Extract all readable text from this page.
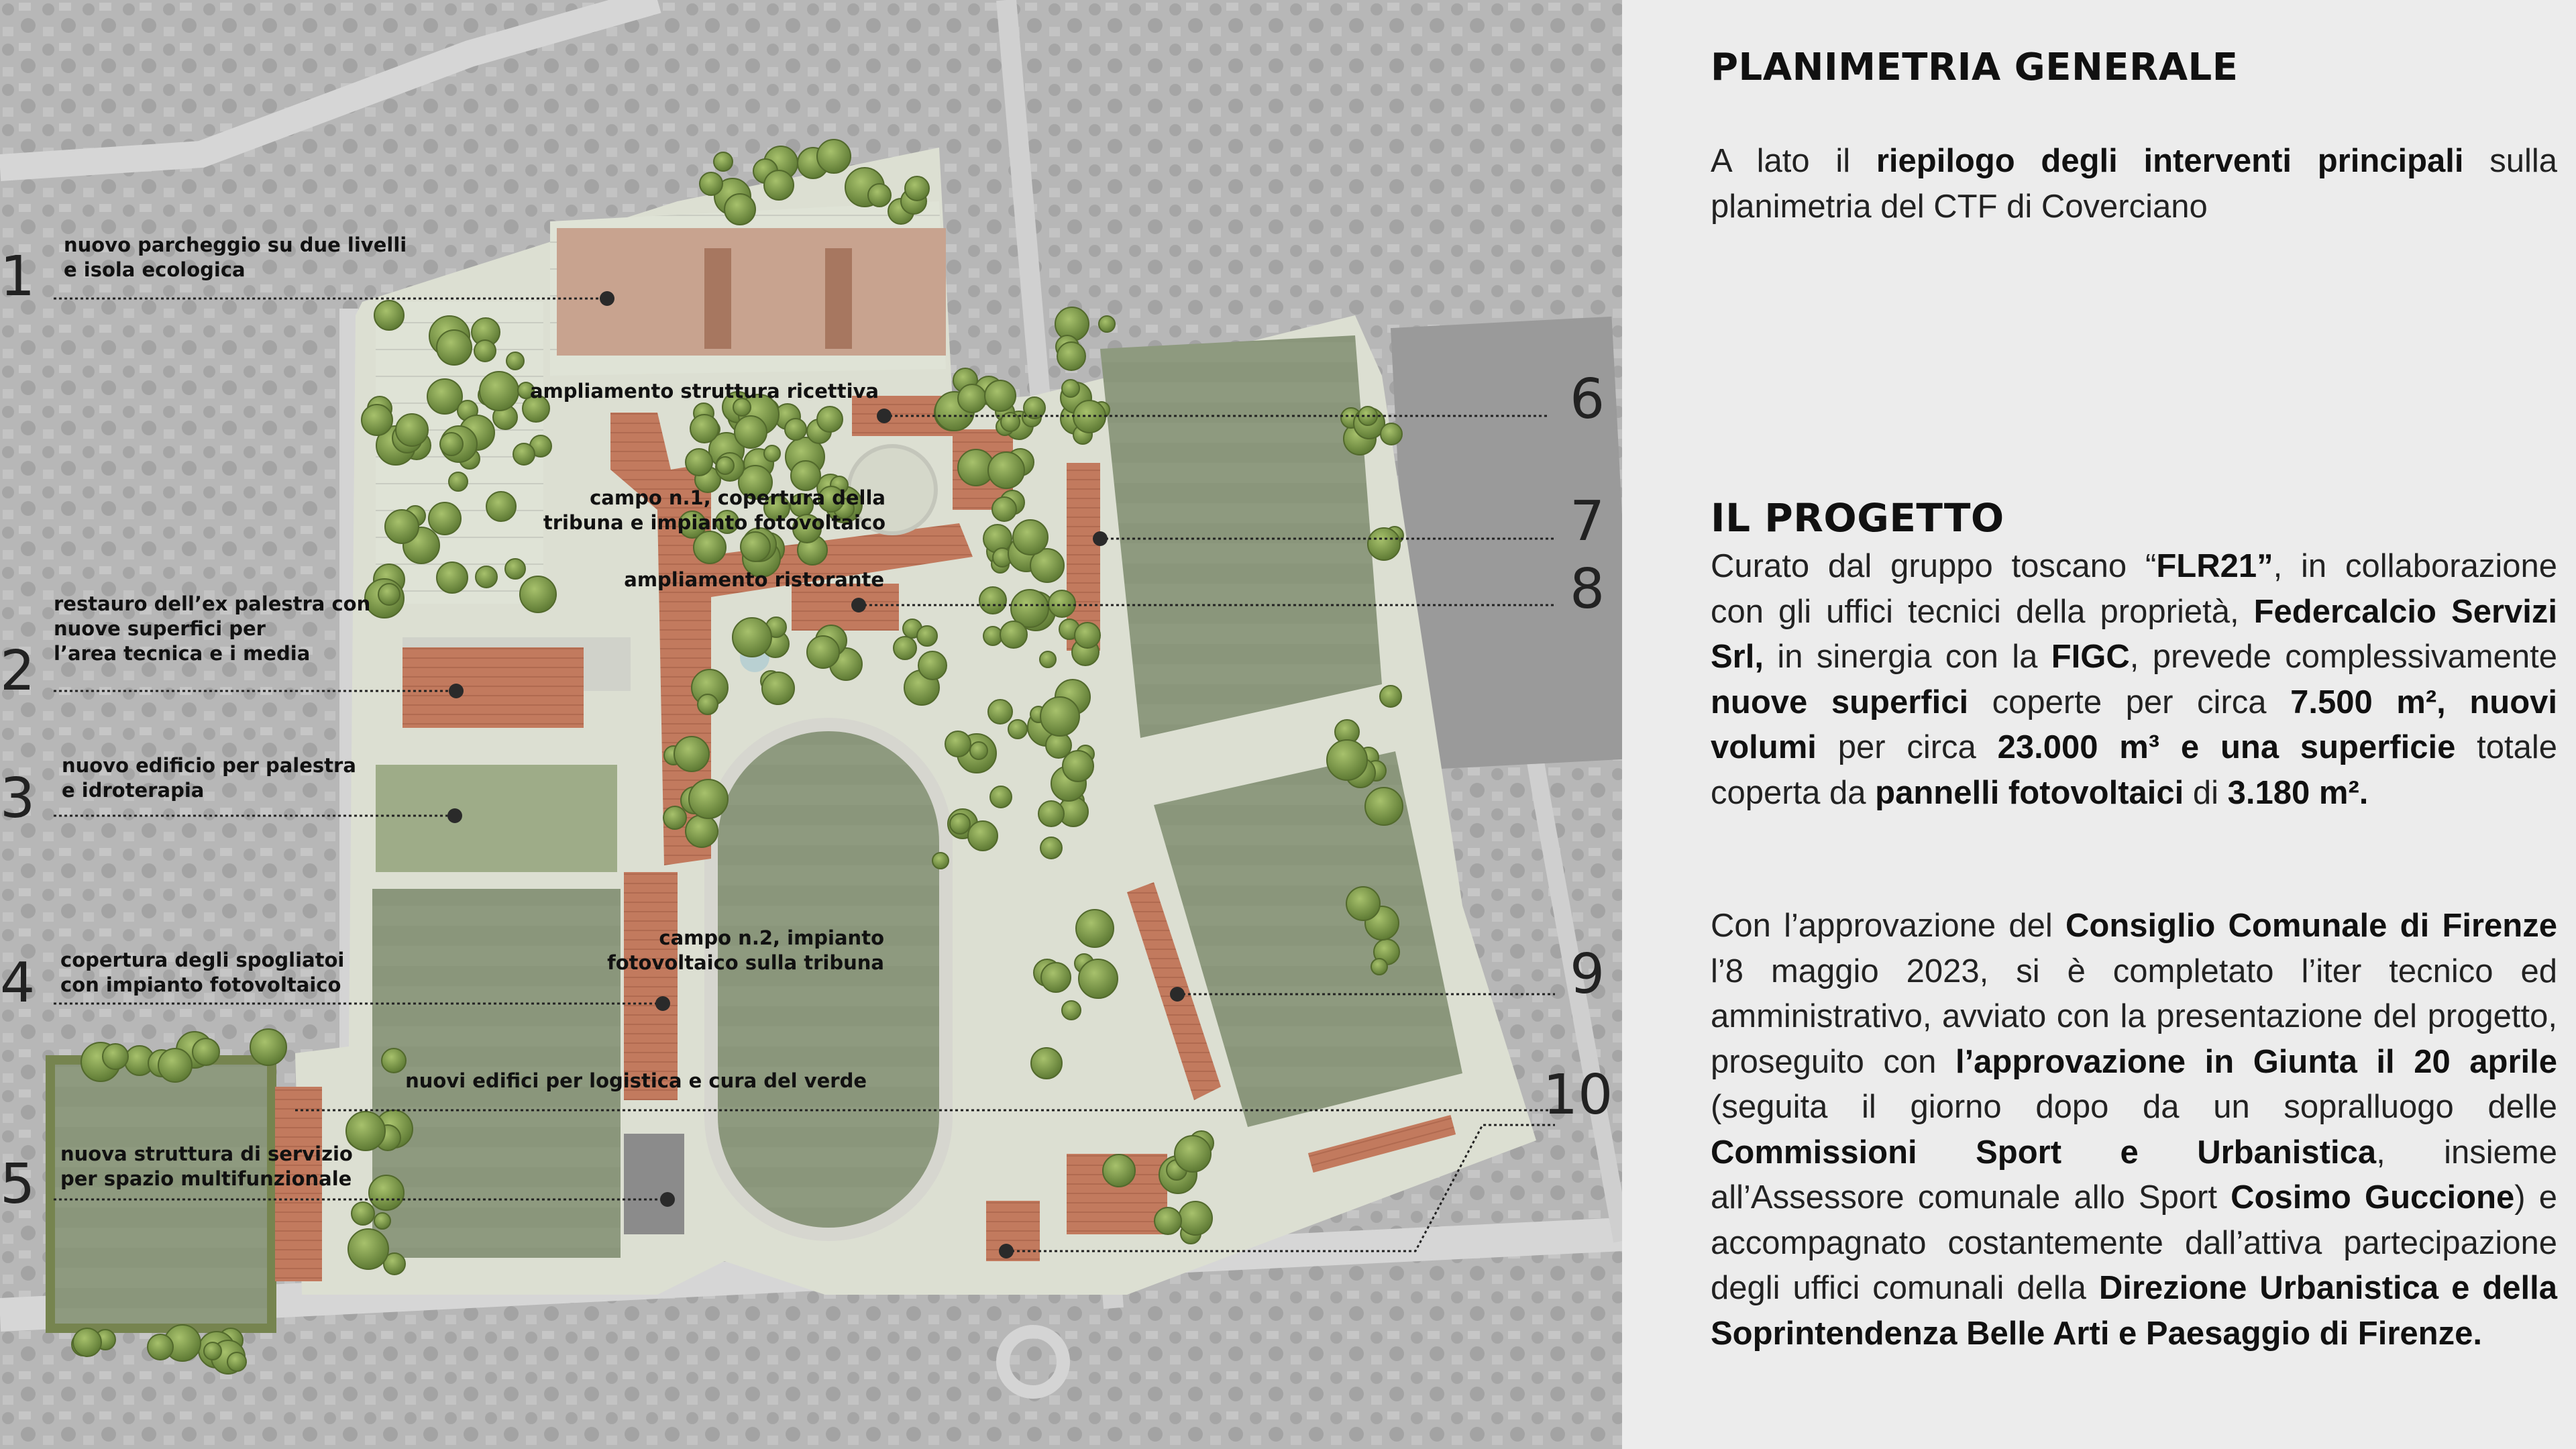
1
2
3
4
5
6
7
8
9
10
nuovo parcheggio su due livelli
e isola ecologica
restauro dell’ex palestra con
nuove superfici per
l’area tecnica e i media
nuovo edificio per palestra
e idroterapia
copertura degli spogliatoi
con impianto fotovoltaico
nuova struttura di servizio
per spazio multifunzionale
ampliamento struttura ricettiva
campo n.1, copertura della
tribuna e impianto fotovoltaico
ampliamento ristorante
campo n.2, impianto
fotovoltaico sulla tribuna
nuovi edifici per logistica e cura del verde
PLANIMETRIA GENERALE
A lato il riepilogo degli interventi principali sulla planimetria del CTF di Coverciano
IL PROGETTO
Curato dal gruppo toscano “FLR21”, in collaborazione con gli uffici tecnici della proprietà, Federcalcio Servizi Srl, in sinergia con la FIGC, prevede complessivamente nuove superfici coperte per circa 7.500 m², nuovi volumi per circa 23.000 m³ e una superficie totale coperta da pannelli fotovoltaici di 3.180 m².
Con l’approvazione del Consiglio Comunale di Firenze l’8 maggio 2023, si è completato l’iter tecnico ed amministrativo, avviato con la presentazione del progetto, proseguito con l’approvazione in Giunta il 20 aprile (seguita il giorno dopo da un sopralluogo delle Commissioni Sport e Urbanistica, insieme all’Assessore comunale allo Sport Cosimo Guccione) e accompagnato costantemente dall’attiva partecipazione degli uffici comunali della Direzione Urbanistica e della Soprintendenza Belle Arti e Paesaggio di Firenze.
